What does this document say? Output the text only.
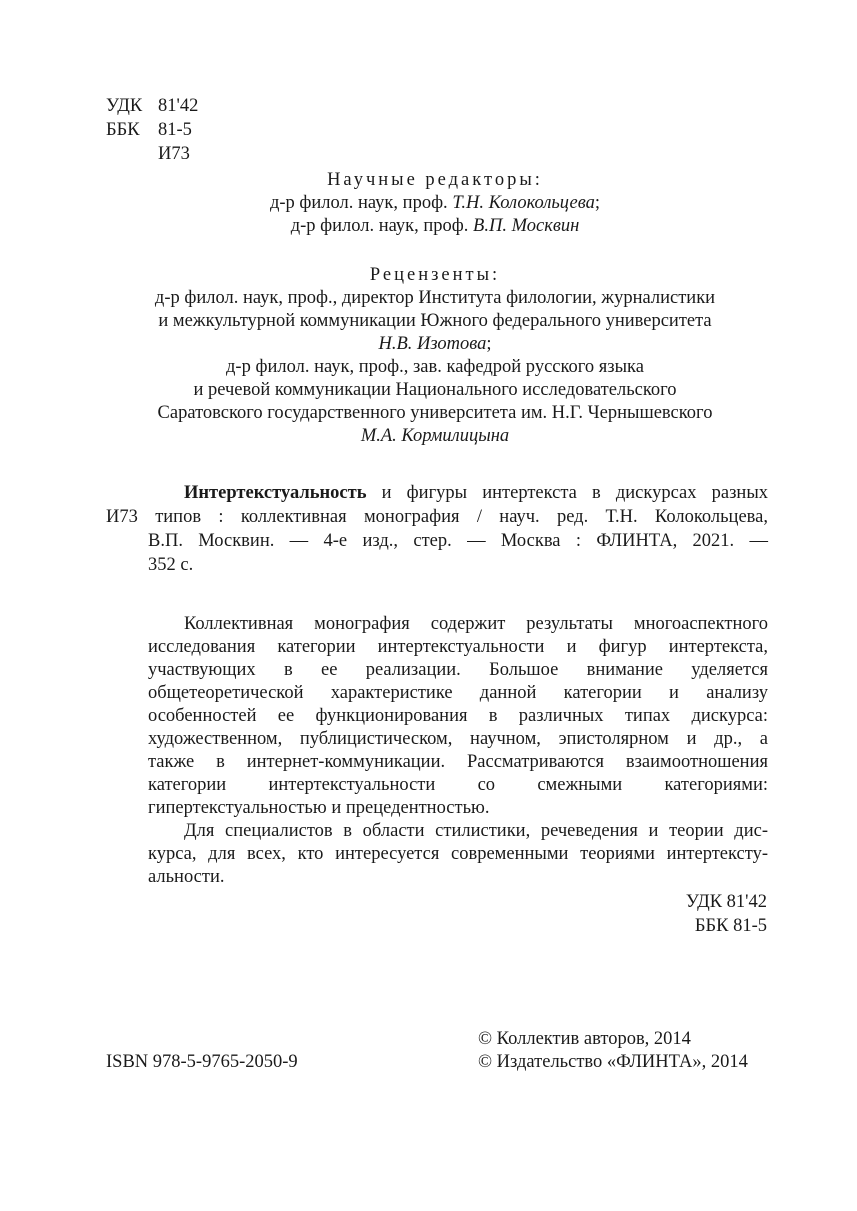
УДК 81'42
ББК 81-5
И73
Научные редакторы:
д-р филол. наук, проф. Т.Н. Колокольцева;
д-р филол. наук, проф. В.П. Москвин
Рецензенты:
д-р филол. наук, проф., директор Института филологии, журналистики
и межкультурной коммуникации Южного федерального университета
Н.В. Изотова;
д-р филол. наук, проф., зав. кафедрой русского языка
и речевой коммуникации Национального исследовательского
Саратовского государственного университета им. Н.Г. Чернышевского
М.А. Кормилицына
Интертекстуальность и фигуры интертекста в дискурсах разных
И73 типов : коллективная монография / науч. ред. Т.Н. Колокольцева,
В.П. Москвин. — 4-е изд., стер. — Москва : ФЛИНТА, 2021. —
352 с.
Коллективная монография содержит результаты многоаспектного
исследования категории интертекстуальности и фигур интертекста,
участвующих в ее реализации. Большое внимание уделяется
общетеоретической характеристике данной категории и анализу
особенностей ее функционирования в различных типах дискурса:
художественном, публицистическом, научном, эпистолярном и др., а
также в интернет-коммуникации. Рассматриваются взаимоотношения
категории интертекстуальности со смежными категориями:
гипертекстуальностью и прецедентностью.
Для специалистов в области стилистики, речеведения и теории дис-
курса, для всех, кто интересуется современными теориями интертексту-
альности.
УДК 81'42
ББК 81-5
ISBN 978-5-9765-2050-9
© Коллектив авторов, 2014
© Издательство «ФЛИНТА», 2014
